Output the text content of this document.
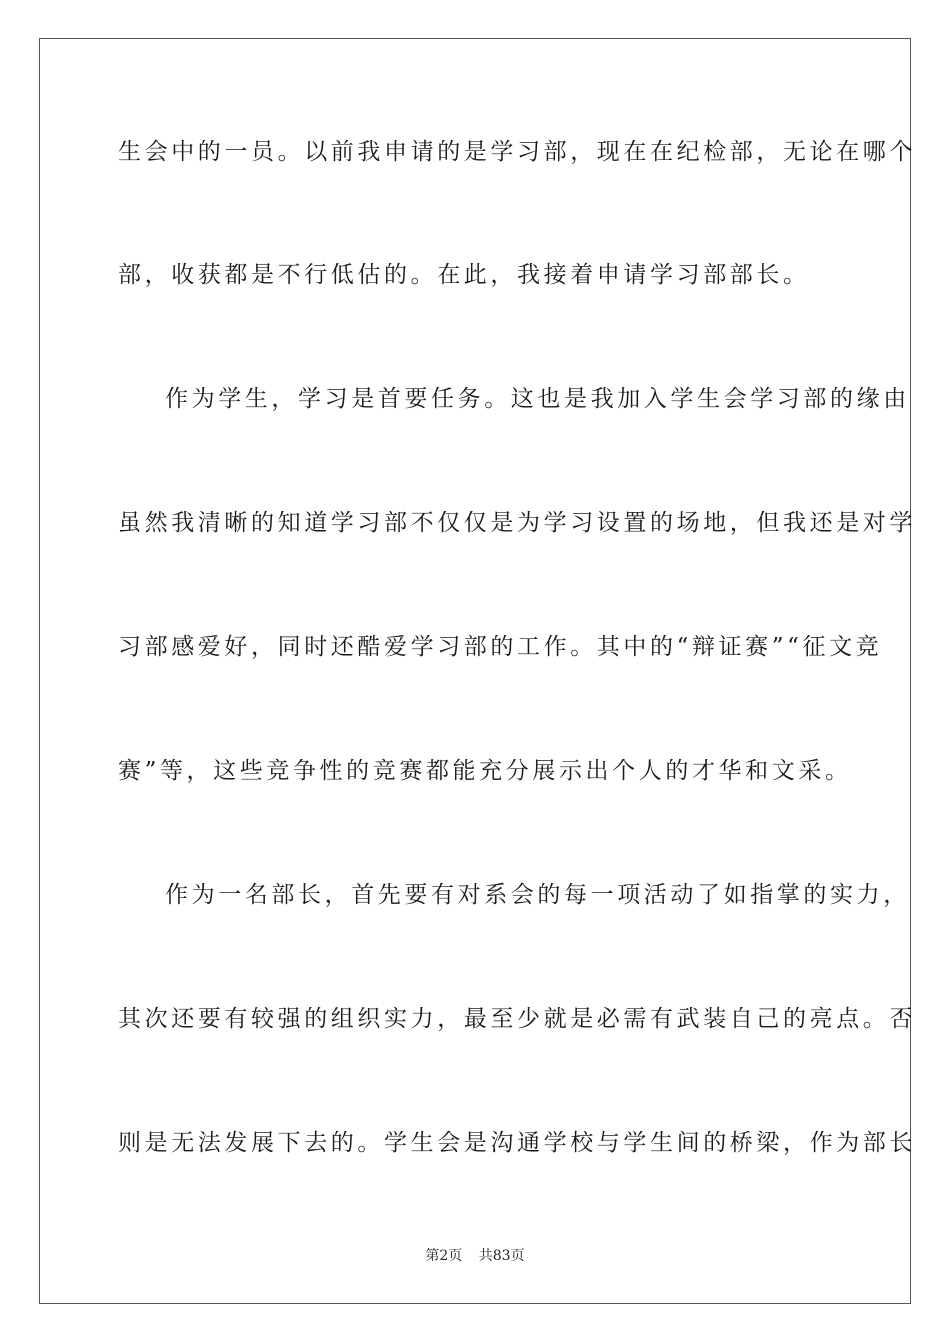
生会中的一员。以前我申请的是学习部，现在在纪检部，无论在哪个
部，收获都是不行低估的。在此，我接着申请学习部部长。
作为学生，学习是首要任务。这也是我加入学生会学习部的缘由
虽然我清晰的知道学习部不仅仅是为学习设置的场地，但我还是对学
习部感爱好，同时还酷爱学习部的工作。其中的“辩证赛”“征文竞
赛”等，这些竞争性的竞赛都能充分展示出个人的才华和文采。
作为一名部长，首先要有对系会的每一项活动了如指掌的实力，
其次还要有较强的组织实力，最至少就是必需有武装自己的亮点。否
则是无法发展下去的。学生会是沟通学校与学生间的桥梁，作为部长
第2页 共83页
